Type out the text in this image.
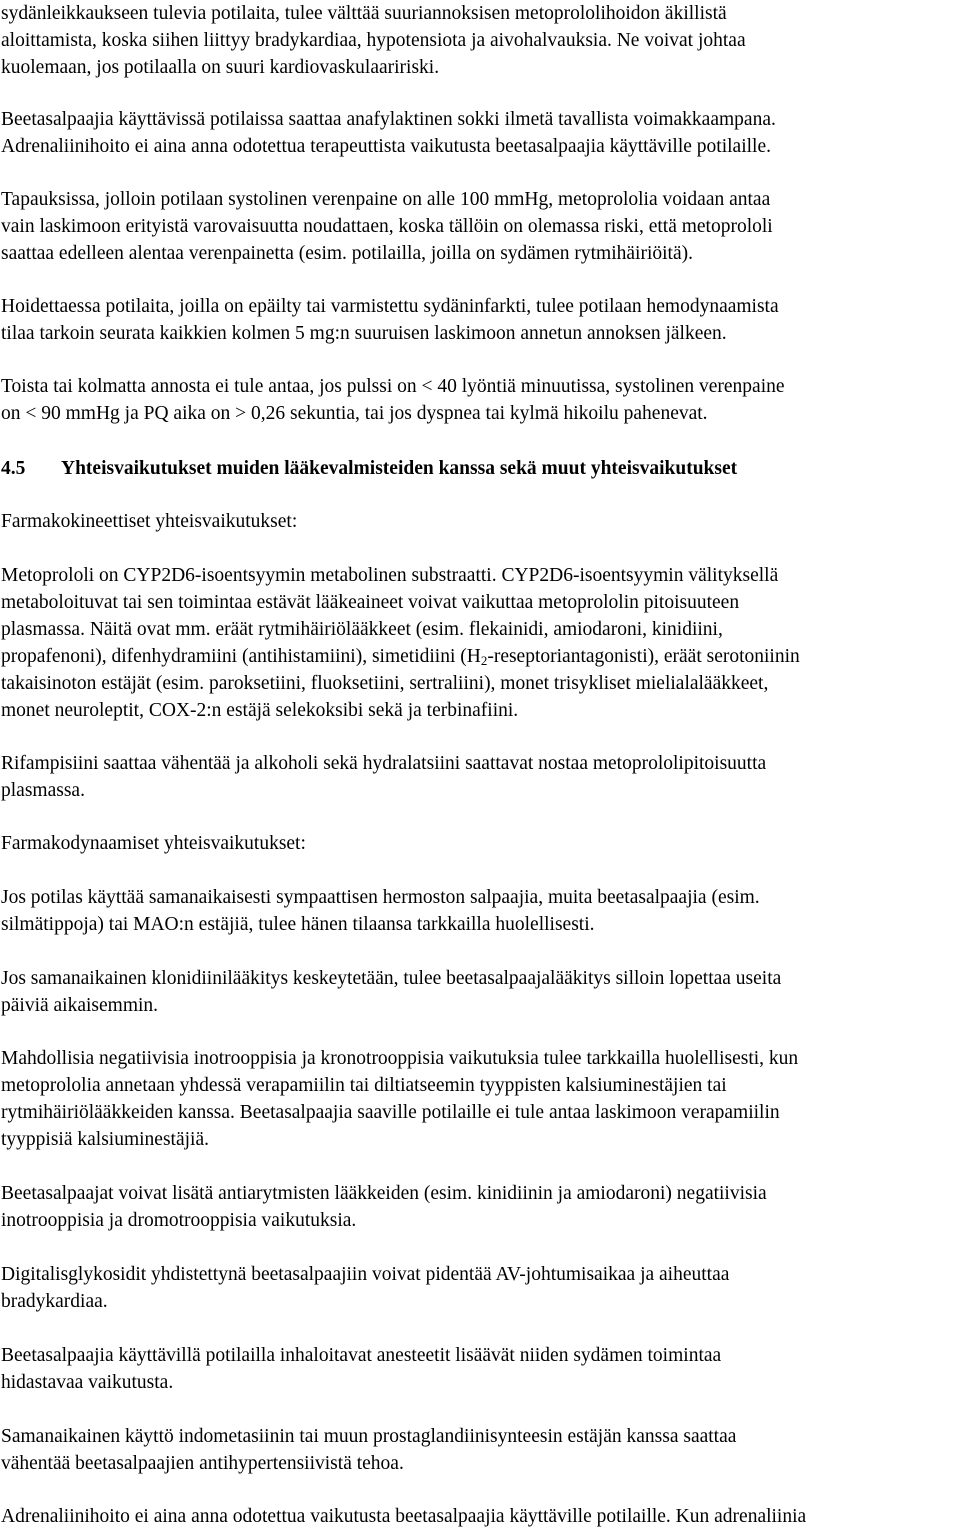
sydänleikkaukseen tulevia potilaita, tulee välttää suuriannoksisen metoprololihoidon äkillistä
aloittamista, koska siihen liittyy bradykardiaa, hypotensiota ja aivohalvauksia. Ne voivat johtaa
kuolemaan, jos potilaalla on suuri kardiovaskulaaririski.
Beetasalpaajia käyttävissä potilaissa saattaa anafylaktinen sokki ilmetä tavallista voimakkaampana.
Adrenaliinihoito ei aina anna odotettua terapeuttista vaikutusta beetasalpaajia käyttäville potilaille.
Tapauksissa, jolloin potilaan systolinen verenpaine on alle 100 mmHg, metoprololia voidaan antaa
vain laskimoon erityistä varovaisuutta noudattaen, koska tällöin on olemassa riski, että metoprololi
saattaa edelleen alentaa verenpainetta (esim. potilailla, joilla on sydämen rytmihäiriöitä).
Hoidettaessa potilaita, joilla on epäilty tai varmistettu sydäninfarkti, tulee potilaan hemodynaamista
tilaa tarkoin seurata kaikkien kolmen 5 mg:n suuruisen laskimoon annetun annoksen jälkeen.
Toista tai kolmatta annosta ei tule antaa, jos pulssi on < 40 lyöntiä minuutissa, systolinen verenpaine
on < 90 mmHg ja PQ aika on > 0,26 sekuntia, tai jos dyspnea tai kylmä hikoilu pahenevat.
4.5 Yhteisvaikutukset muiden lääkevalmisteiden kanssa sekä muut yhteisvaikutukset
Farmakokineettiset yhteisvaikutukset:
Metoprololi on CYP2D6-isoentsyymin metabolinen substraatti. CYP2D6-isoentsyymin välityksellä
metaboloituvat tai sen toimintaa estävät lääkeaineet voivat vaikuttaa metoprololin pitoisuuteen
plasmassa. Näitä ovat mm. eräät rytmihäiriölääkkeet (esim. flekainidi, amiodaroni, kinidiini,
propafenoni), difenhydramiini (antihistamiini), simetidiini $(H_2-reseptoriantagonisti)$, eräät serotoniinin
takaisinoton estäjät (esim. paroksetiini, fluoksetiini, sertraliini), monet trisykliset mielialalääkkeet,
monet neuroleptit, COX-2:n estäjä selekoksibi sekä ja terbinafiini.
Rifampisiini saattaa vähentää ja alkoholi sekä hydralatsiini saattavat nostaa metoprololipitoisuutta
plasmassa.
Farmakodynaamiset yhteisvaikutukset:
Jos potilas käyttää samanaikaisesti sympaattisen hermoston salpaajia, muita beetasalpaajia (esim.
silmätippoja) tai MAO:n estäjiä, tulee hänen tilaansa tarkkailla huolellisesti.
Jos samanaikainen klonidiinilääkitys keskeytetään, tulee beetasalpaajalääkitys silloin lopettaa useita
päiviä aikaisemmin.
Mahdollisia negatiivisia inotrooppisia ja kronotrooppisia vaikutuksia tulee tarkkailla huolellisesti, kun
metoprololia annetaan yhdessä verapamiilin tai diltiatseemin tyyppisten kalsiuminestäjien tai
rytmihäiriölääkkeiden kanssa. Beetasalpaajia saaville potilaille ei tule antaa laskimoon verapamiilin
tyyppisiä kalsiuminestäjiä.
Beetasalpaajat voivat lisätä antiarytmisten lääkkeiden (esim. kinidiinin ja amiodaroni) negatiivisia
inotrooppisia ja dromotrooppisia vaikutuksia.
Digitalisglykosidit yhdistettynä beetasalpaajiin voivat pidentää AV-johtumisaikaa ja aiheuttaa
bradykardiaa.
Beetasalpaajia käyttävillä potilailla inhaloitavat anesteetit lisäävät niiden sydämen toimintaa
hidastavaa vaikutusta.
Samanaikainen käyttö indometasiinin tai muun prostaglandiinisynteesin estäjän kanssa saattaa
vähentää beetasalpaajien antihypertensiivistä tehoa.
Adrenaliinihoito ei aina anna odotettua vaikutusta beetasalpaajia käyttäville potilaille. Kun adrenaliinia
